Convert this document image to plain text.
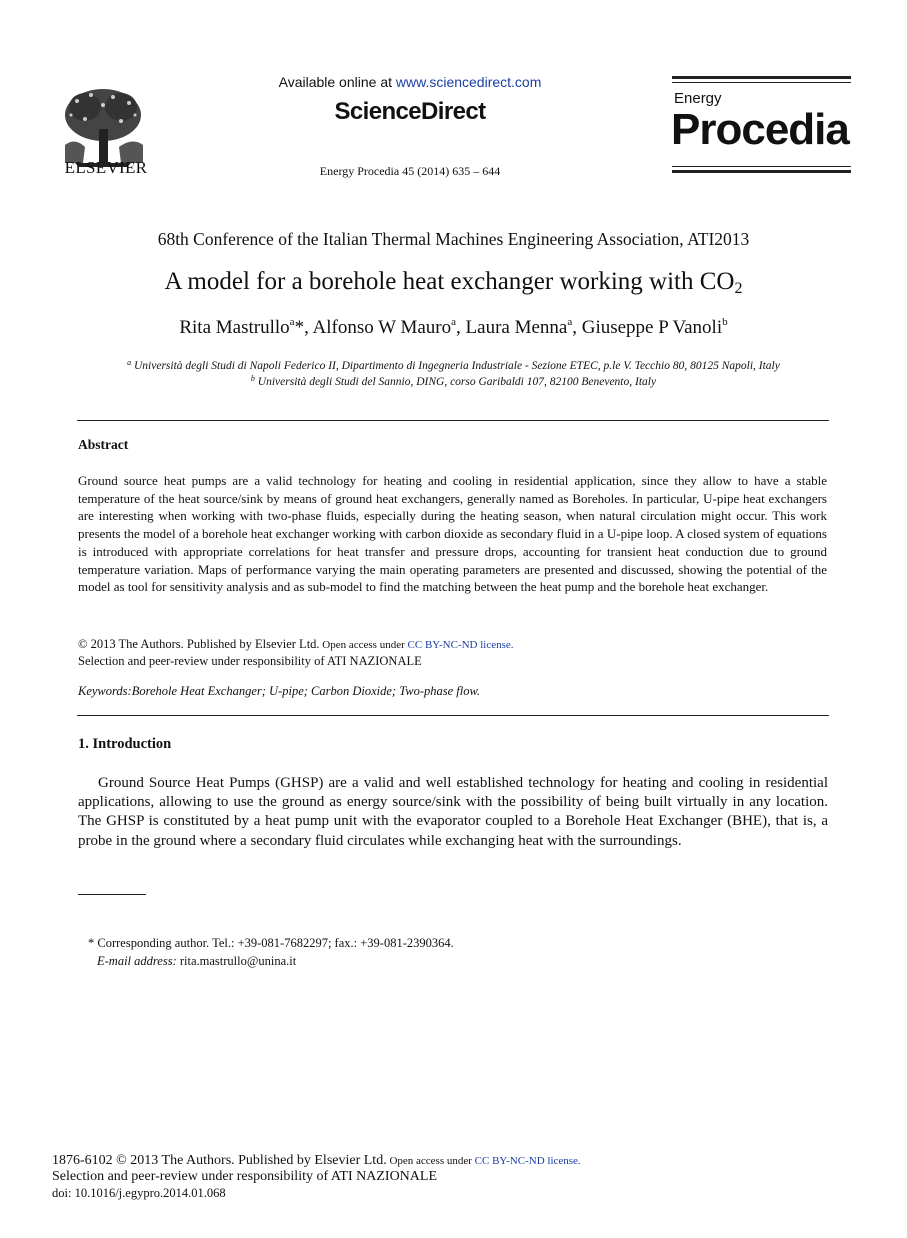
ELSEVIER
Available online at www.sciencedirect.com
ScienceDirect
Energy Procedia 45 (2014) 635 – 644
Energy
Procedia
68th Conference of the Italian Thermal Machines Engineering Association, ATI2013
A model for a borehole heat exchanger working with $CO_2$
Rita Mastrullo$^a$*, Alfonso W Mauro$^a$, Laura Menna$^a$, Giuseppe P Vanoli$^b$
$^a$ Università degli Studi di Napoli Federico II, Dipartimento di Ingegneria Industriale - Sezione ETEC, p.le V. Tecchio 80, 80125 Napoli, Italy
$^b$ Università degli Studi del Sannio, DING, corso Garibaldi 107, 82100 Benevento, Italy
Abstract
Ground source heat pumps are a valid technology for heating and cooling in residential application, since they allow to have a stable temperature of the heat source/sink by means of ground heat exchangers, generally named as Boreholes. In particular, U-pipe heat exchangers are interesting when working with two-phase fluids, especially during the heating season, when natural circulation might occur. This work presents the model of a borehole heat exchanger working with carbon dioxide as secondary fluid in a U-pipe loop. A closed system of equations is introduced with appropriate correlations for heat transfer and pressure drops, accounting for transient heat conduction due to ground temperature variation. Maps of performance varying the main operating parameters are presented and discussed, showing the potential of the model as tool for sensitivity analysis and as sub-model to find the matching between the heat pump and the borehole heat exchanger.
© 2013 The Authors. Published by Elsevier Ltd. Open access under CC BY-NC-ND license.
Selection and peer-review under responsibility of ATI NAZIONALE
Keywords:Borehole Heat Exchanger; U-pipe; Carbon Dioxide; Two-phase flow.
1. Introduction
Ground Source Heat Pumps (GHSP) are a valid and well established technology for heating and cooling in residential applications, allowing to use the ground as energy source/sink with the possibility of being built virtually in any location. The GHSP is constituted by a heat pump unit with the evaporator coupled to a Borehole Heat Exchanger (BHE), that is, a probe in the ground where a secondary fluid circulates while exchanging heat with the surroundings.
* Corresponding author. Tel.: +39-081-7682297; fax.: +39-081-2390364.
E-mail address: rita.mastrullo@unina.it
1876-6102 © 2013 The Authors. Published by Elsevier Ltd. Open access under CC BY-NC-ND license.
Selection and peer-review under responsibility of ATI NAZIONALE
doi: 10.1016/j.egypro.2014.01.068
